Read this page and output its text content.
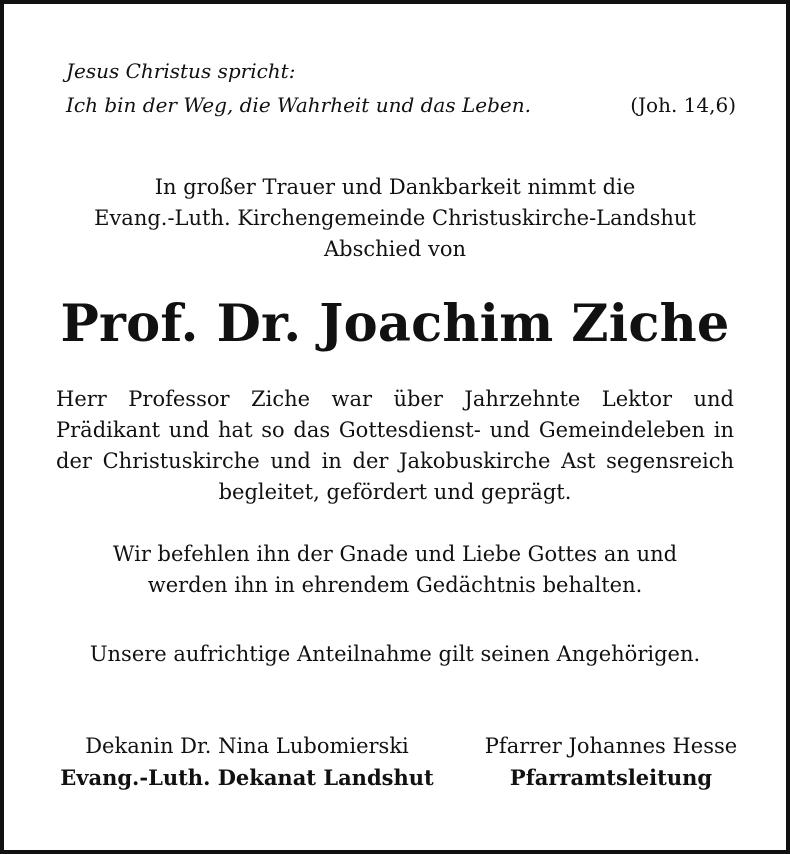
Jesus Christus spricht:
Ich bin der Weg, die Wahrheit und das Leben.	(Joh. 14,6)
In großer Trauer und Dankbarkeit nimmt die
Evang.-Luth. Kirchengemeinde Christuskirche-Landshut
Abschied von
Prof. Dr. Joachim Ziche
Herr Professor Ziche war über Jahrzehnte Lektor und Prädikant und hat so das Gottesdienst- und Gemeindeleben in der Christuskirche und in der Jakobuskirche Ast segensreich begleitet, gefördert und geprägt.
Wir befehlen ihn der Gnade und Liebe Gottes an und
werden ihn in ehrendem Gedächtnis behalten.
Unsere aufrichtige Anteilnahme gilt seinen Angehörigen.
Dekanin Dr. Nina Lubomierski
Evang.-Luth. Dekanat Landshut
Pfarrer Johannes Hesse
Pfarramtsleitung
